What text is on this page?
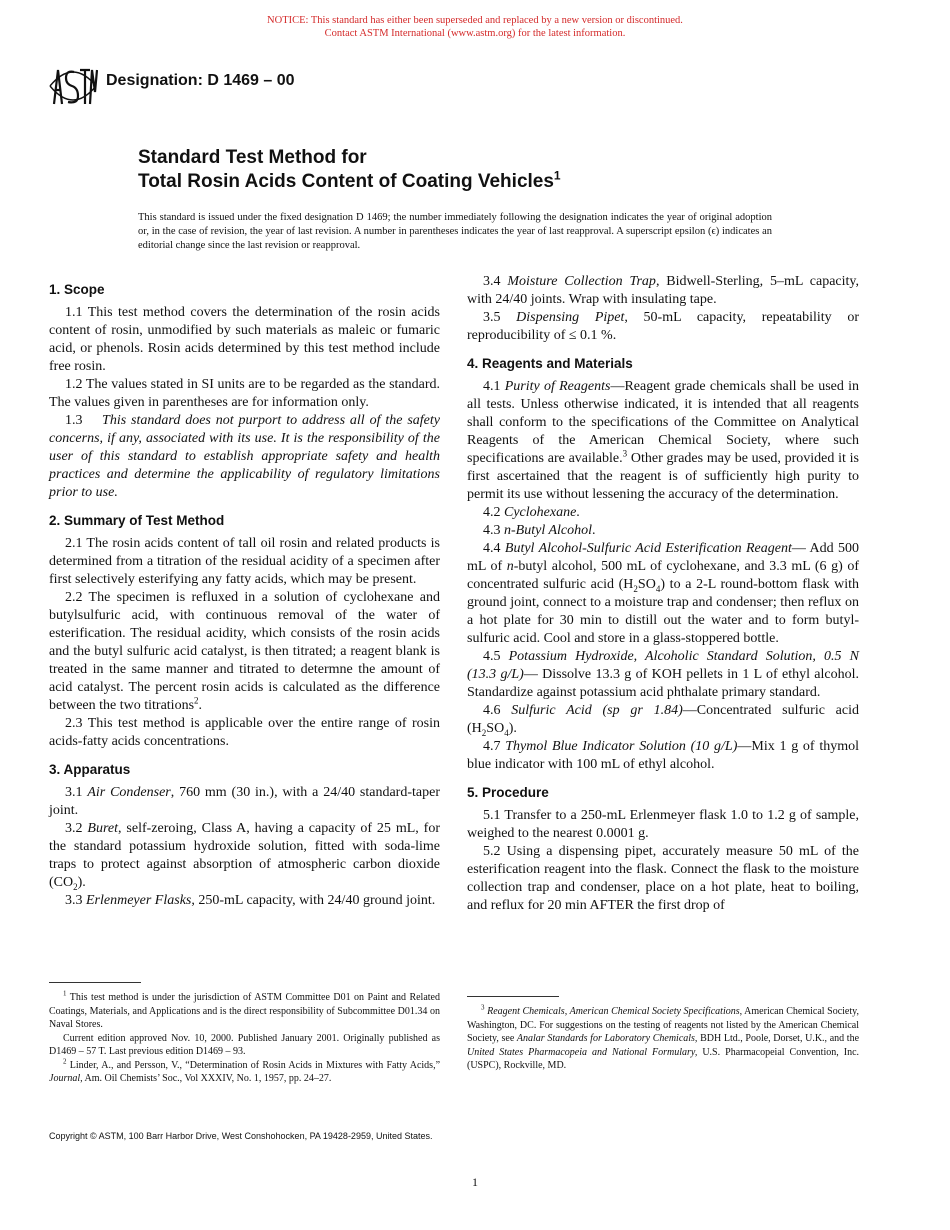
NOTICE: This standard has either been superseded and replaced by a new version or discontinued.
Contact ASTM International (www.astm.org) for the latest information.
Designation: D 1469 – 00
Standard Test Method for
Total Rosin Acids Content of Coating Vehicles$^1$
This standard is issued under the fixed designation D 1469; the number immediately following the designation indicates the year of original adoption or, in the case of revision, the year of last revision. A number in parentheses indicates the year of last reapproval. A superscript epsilon (ϵ) indicates an editorial change since the last revision or reapproval.
1. Scope

1.1 This test method covers the determination of the rosin acids content of rosin, unmodified by such materials as maleic or fumaric acid, or phenols. Rosin acids determined by this test method include free rosin.

1.2 The values stated in SI units are to be regarded as the standard. The values given in parentheses are for information only.

1.3 This standard does not purport to address all of the safety concerns, if any, associated with its use. It is the responsibility of the user of this standard to establish appropriate safety and health practices and determine the applicability of regulatory limitations prior to use.

2. Summary of Test Method

2.1 The rosin acids content of tall oil rosin and related products is determined from a titration of the residual acidity of a specimen after first selectively esterifying any fatty acids, which may be present.

2.2 The specimen is refluxed in a solution of cyclohexane and butylsulfuric acid, with continuous removal of the water of esterification. The residual acidity, which consists of the rosin acids and the butyl sulfuric acid catalyst, is then titrated; a reagent blank is treated in the same manner and titrated to determne the amount of acid catalyst. The percent rosin acids is calculated as the difference between the two titrations$^2$.

2.3 This test method is applicable over the entire range of rosin acids-fatty acids concentrations.

3. Apparatus

3.1 Air Condenser, 760 mm (30 in.), with a 24/40 standard-taper joint.

3.2 Buret, self-zeroing, Class A, having a capacity of 25 mL, for the standard potassium hydroxide solution, fitted with soda-lime traps to protect against absorption of atmospheric carbon dioxide $(CO_2)$.

3.3 Erlenmeyer Flasks, 250-mL capacity, with 24/40 ground joint.

3.4 Moisture Collection Trap, Bidwell-Sterling, 5–mL capacity, with 24/40 joints. Wrap with insulating tape.

3.5 Dispensing Pipet, 50-mL capacity, repeatability or reproducibility of ≤ 0.1 %.

4. Reagents and Materials

4.1 Purity of Reagents—Reagent grade chemicals shall be used in all tests. Unless otherwise indicated, it is intended that all reagents shall conform to the specifications of the Committee on Analytical Reagents of the American Chemical Society, where such specifications are available.$^3$ Other grades may be used, provided it is first ascertained that the reagent is of sufficiently high purity to permit its use without lessening the accuracy of the determination.

4.2 Cyclohexane.

4.3 n-Butyl Alcohol.

4.4 Butyl Alcohol-Sulfuric Acid Esterification Reagent— Add 500 mL of n-butyl alcohol, 500 mL of cyclohexane, and 3.3 mL (6 g) of concentrated sulfuric acid $(H_2SO_4)$ to a 2-L round-bottom flask with ground joint, connect to a moisture trap and condenser; then reflux on a hot plate for 30 min to distill out the water and to form butyl-sulfuric acid. Cool and store in a glass-stoppered bottle.

4.5 Potassium Hydroxide, Alcoholic Standard Solution, 0.5 N (13.3 g/L)— Dissolve 13.3 g of KOH pellets in 1 L of ethyl alcohol. Standardize against potassium acid phthalate primary standard.

4.6 Sulfuric Acid (sp gr 1.84)—Concentrated sulfuric acid $(H_2SO_4)$.

4.7 Thymol Blue Indicator Solution (10 g/L)—Mix 1 g of thymol blue indicator with 100 mL of ethyl alcohol.

5. Procedure

5.1 Transfer to a 250-mL Erlenmeyer flask 1.0 to 1.2 g of sample, weighed to the nearest 0.0001 g.

5.2 Using a dispensing pipet, accurately measure 50 mL of the esterification reagent into the flask. Connect the flask to the moisture collection trap and condenser, place on a hot plate, heat to boiling, and reflux for 20 min AFTER the first drop of

$^1$ This test method is under the jurisdiction of ASTM Committee D01 on Paint and Related Coatings, Materials, and Applications and is the direct responsibility of Subcommittee D01.34 on Naval Stores.

Current edition approved Nov. 10, 2000. Published January 2001. Originally published as D1469 – 57 T. Last previous edition D1469 – 93.

$^2$ Linder, A., and Persson, V., “Determination of Rosin Acids in Mixtures with Fatty Acids,” Journal, Am. Oil Chemists’ Soc., Vol XXXIV, No. 1, 1957, pp. 24–27.

$^3$ Reagent Chemicals, American Chemical Society Specifications, American Chemical Society, Washington, DC. For suggestions on the testing of reagents not listed by the American Chemical Society, see Analar Standards for Laboratory Chemicals, BDH Ltd., Poole, Dorset, U.K., and the United States Pharmacopeia and National Formulary, U.S. Pharmacopeial Convention, Inc. (USPC), Rockville, MD.

Copyright © ASTM, 100 Barr Harbor Drive, West Conshohocken, PA 19428-2959, United States.
1
